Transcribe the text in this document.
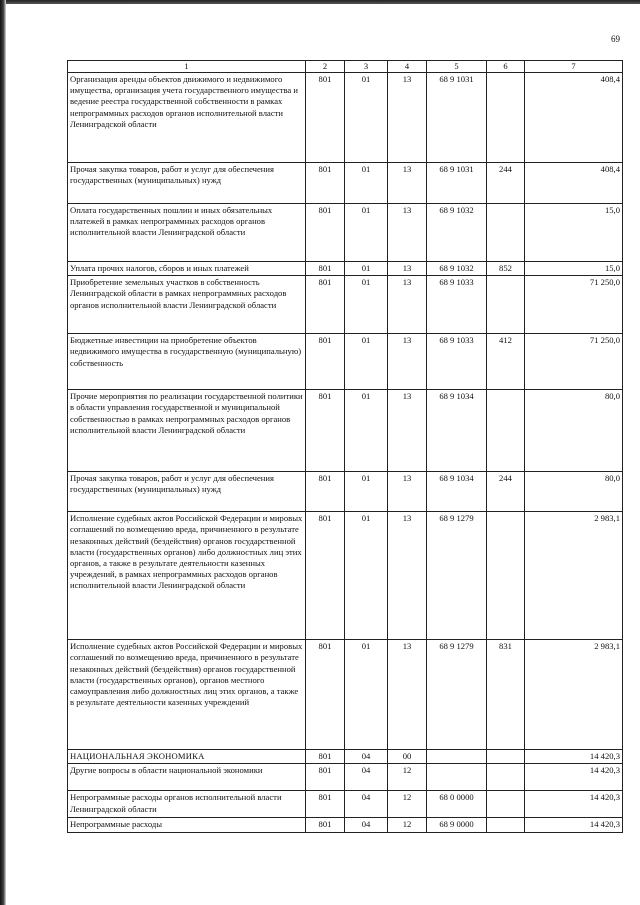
69
1	2	3	4	5	6	7
Организация аренды объектов движимого и недвижимого имущества, организация учета государственного имущества и ведение реестра государственной собственности в рамках непрограммных расходов органов исполнительной власти Ленинградской области	801	01	13	68 9 1031		408,4
Прочая закупка товаров, работ и услуг для обеспечения государственных (муниципальных) нужд	801	01	13	68 9 1031	244	408,4
Оплата государственных пошлин и иных обязательных платежей в рамках непрограммных расходов органов исполнительной власти Ленинградской области	801	01	13	68 9 1032		15,0
Уплата прочих налогов, сборов и иных платежей	801	01	13	68 9 1032	852	15,0
Приобретение земельных участков в собственность Ленинградской области в рамках непрограммных расходов органов исполнительной власти Ленинградской области	801	01	13	68 9 1033		71 250,0
Бюджетные инвестиции на приобретение объектов недвижимого имущества в государственную (муниципальную) собственность	801	01	13	68 9 1033	412	71 250,0
Прочие мероприятия по реализации государственной политики в области управления государственной и муниципальной собственностью в рамках непрограммных расходов органов исполнительной власти Ленинградской области	801	01	13	68 9 1034		80,0
Прочая закупка товаров, работ и услуг для обеспечения государственных (муниципальных) нужд	801	01	13	68 9 1034	244	80,0
Исполнение судебных актов Российской Федерации и мировых соглашений по возмещению вреда, причиненного в результате незаконных действий (бездействия) органов государственной власти (государственных органов) либо должностных лиц этих органов, а также в результате деятельности казенных учреждений, в рамках непрограммных расходов органов исполнительной власти Ленинградской области	801	01	13	68 9 1279		2 983,1
Исполнение судебных актов Российской Федерации и мировых соглашений по возмещению вреда, причиненного в результате незаконных действий (бездействия) органов государственной власти (государственных органов), органов местного самоуправления либо должностных лиц этих органов, а также в результате деятельности казенных учреждений	801	01	13	68 9 1279	831	2 983,1
НАЦИОНАЛЬНАЯ ЭКОНОМИКА	801	04	00			14 420,3
Другие вопросы в области национальной экономики	801	04	12			14 420,3
Непрограммные расходы органов исполнительной власти Ленинградской области	801	04	12	68 0 0000		14 420,3
Непрограммные расходы	801	04	12	68 9 0000		14 420,3
